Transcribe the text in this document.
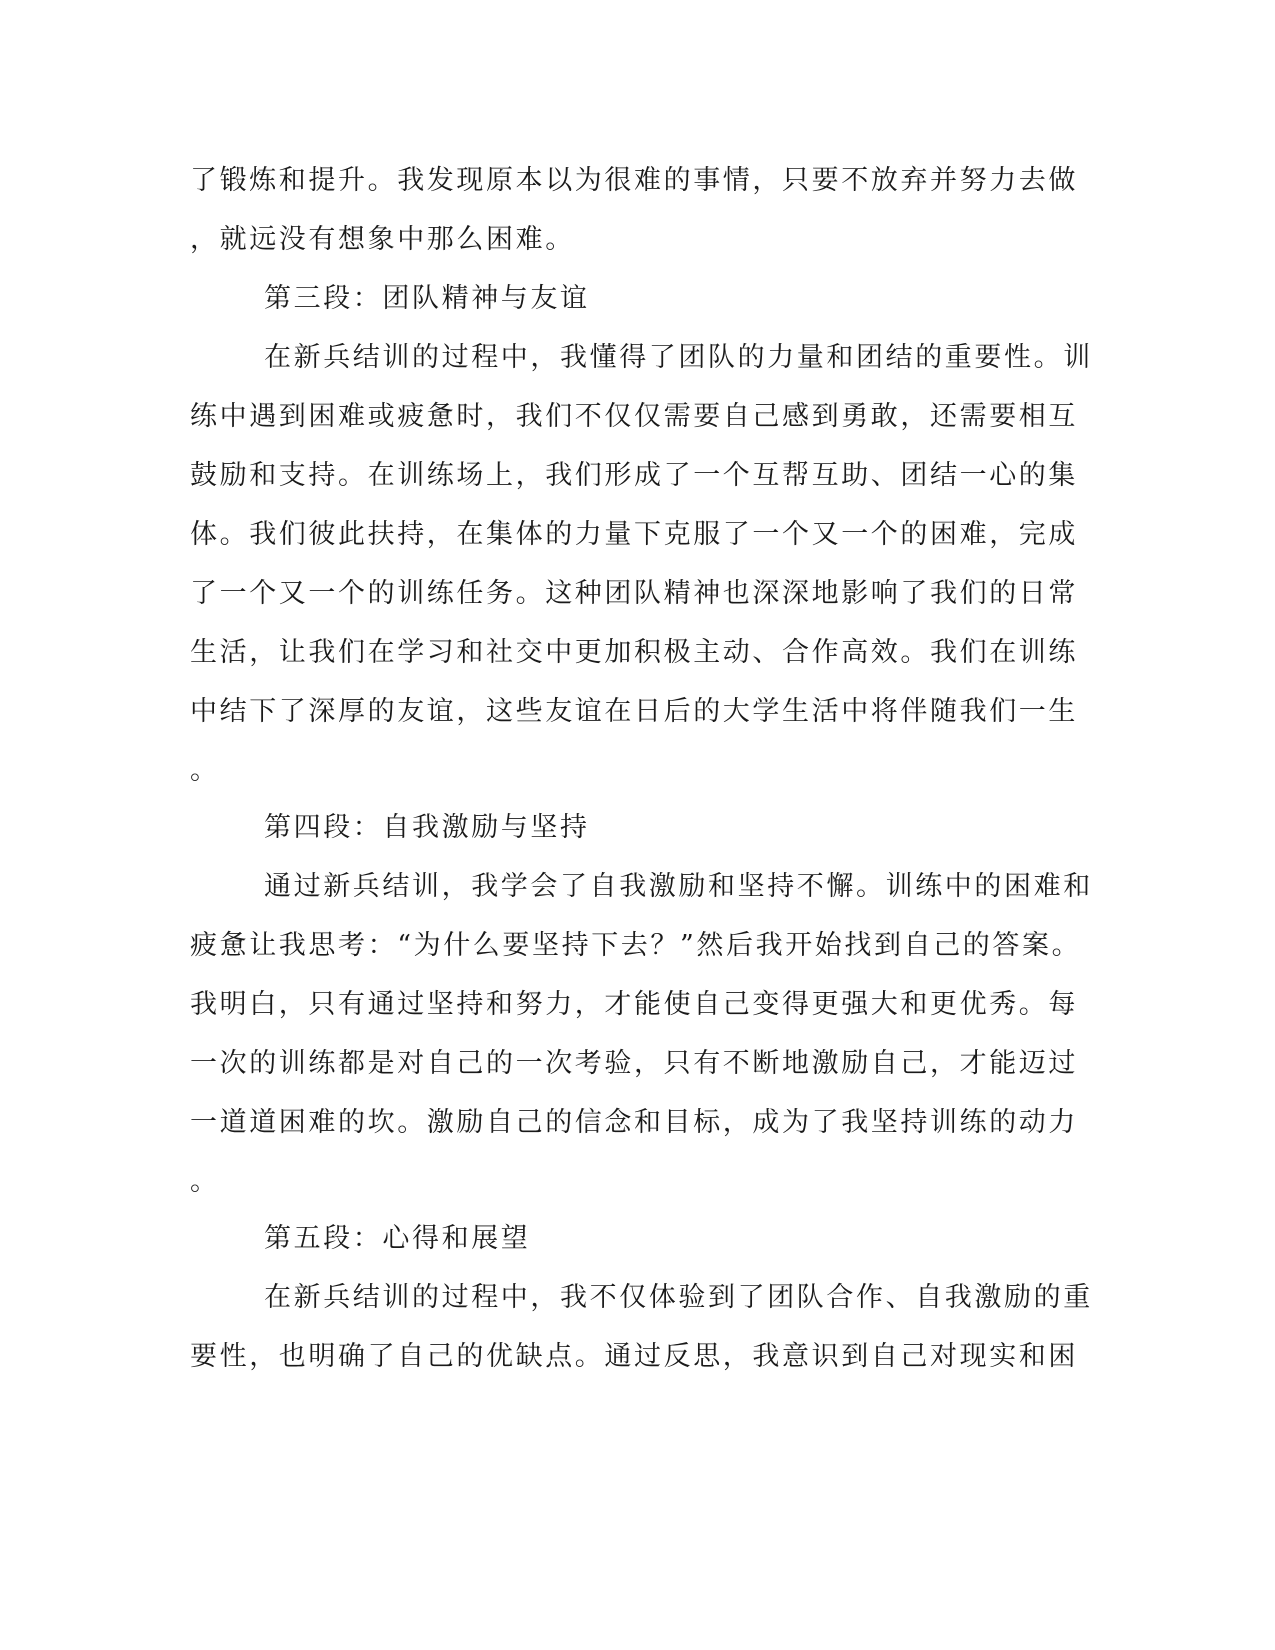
了锻炼和提升。我发现原本以为很难的事情，只要不放弃并努力去做
，就远没有想象中那么困难。
第三段：团队精神与友谊
在新兵结训的过程中，我懂得了团队的力量和团结的重要性。训
练中遇到困难或疲惫时，我们不仅仅需要自己感到勇敢，还需要相互
鼓励和支持。在训练场上，我们形成了一个互帮互助、团结一心的集
体。我们彼此扶持，在集体的力量下克服了一个又一个的困难，完成
了一个又一个的训练任务。这种团队精神也深深地影响了我们的日常
生活，让我们在学习和社交中更加积极主动、合作高效。我们在训练
中结下了深厚的友谊，这些友谊在日后的大学生活中将伴随我们一生
。
第四段：自我激励与坚持
通过新兵结训，我学会了自我激励和坚持不懈。训练中的困难和
疲惫让我思考：“为什么要坚持下去？”然后我开始找到自己的答案。
我明白，只有通过坚持和努力，才能使自己变得更强大和更优秀。每
一次的训练都是对自己的一次考验，只有不断地激励自己，才能迈过
一道道困难的坎。激励自己的信念和目标，成为了我坚持训练的动力
。
第五段：心得和展望
在新兵结训的过程中，我不仅体验到了团队合作、自我激励的重
要性，也明确了自己的优缺点。通过反思，我意识到自己对现实和困
